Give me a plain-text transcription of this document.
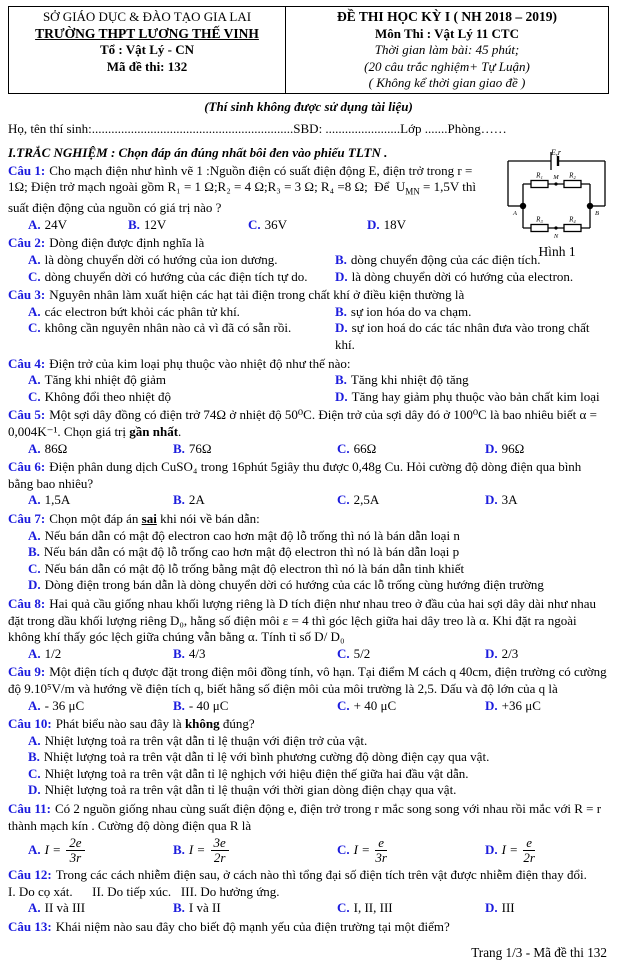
SỞ GIÁO DỤC & ĐÀO TẠO GIA LAI
TRƯỜNG THPT LƯƠNG THẾ VINH
Tổ : Vật Lý - CN
Mã đề thi: 132
ĐỀ THI HỌC KỲ I ( NH 2018 – 2019)
Môn Thi : Vật Lý 11 CTC
Thời gian làm bài: 45 phút;
(20 câu trắc nghiệm+ Tự Luận)
( Không kể thời gian giao đề )
(Thí sinh không được sử dụng tài liệu)
Họ, tên thí sinh:..............................................................SBD: .......................Lớp .......Phòng……
E,r
R₁	R₂
M
R₃	R₄
N
A	B
Hình 1
I.TRẮC NGHIỆM : Chọn đáp án đúng nhất bôi đen vào phiếu TLTN .

Câu 1: Cho mạch điện như hình vẽ 1 :Nguồn điện có suất điện động E, điện trở trong r = 1Ω; Điện trở mạch ngoài gồm R₁ = 1 Ω;R₂ = 4 Ω;R₃ = 3 Ω; R₄ =8 Ω;  Để  $U_{MN} = 1,5V$ thì suất điện động của nguồn có giá trị nào ?

A. 24V	B. 12V	C. 36V	D. 18V

Câu 2: Dòng điện được định nghĩa là

A. là dòng chuyển dời có hướng của ion dương.	B. dòng chuyển động của các điện tích.
C. dòng chuyển dời có hướng của các điện tích tự do.	D. là dòng chuyển dời có hướng của electron.

Câu 3: Nguyên nhân làm xuất hiện các hạt tải điện trong chất khí ở điều kiện thường là

A. các electron bứt khỏi các phân tử khí.	B. sự ion hóa do va chạm.
C. không cần nguyên nhân nào cả vì đã có sẵn rồi.	D. sự ion hoá do các tác nhân đưa vào trong chất khí.

Câu 4: Điện trở của kim loại phụ thuộc vào nhiệt độ như thế nào:

A. Tăng khi nhiệt độ giảm	B. Tăng khi nhiệt độ tăng
C. Không đổi theo nhiệt độ	D. Tăng hay giảm phụ thuộc vào bản chất kim loại

Câu 5: Một sợi dây đồng có điện trở 74Ω ở nhiệt độ 50⁰C. Điện trở của sợi dây đó ở 100⁰C là bao nhiêu biết α = 0,004K⁻¹. Chọn giá trị gần nhất.

A. 86Ω	B. 76Ω	C. 66Ω	D. 96Ω

Câu 6: Điện phân dung dịch CuSO₄ trong 16phút 5giây thu được 0,48g Cu. Hỏi cường độ dòng điện qua bình bằng bao nhiêu?

A. 1,5A	B. 2A	C. 2,5A	D. 3A

Câu 7: Chọn một đáp án sai khi nói về bán dẫn:

A. Nếu bán dẫn có mật độ electron cao hơn mật độ lỗ trống thì nó là bán dẫn loại n
B. Nếu bán dẫn có mật độ lỗ trống cao hơn mật độ electron thì nó là bán dẫn loại p
C. Nếu bán dẫn có mật độ lỗ trống bằng mật độ electron thì nó là bán dẫn tinh khiết
D. Dòng điện trong bán dẫn là dòng chuyển dời có hướng của các lỗ trống cùng hướng điện trường

Câu 8: Hai quả cầu giống nhau khối lượng riêng là D tích điện như nhau treo ở đầu của hai sợi dây dài như nhau đặt trong dầu khối lượng riêng D₀, hằng số điện môi ε = 4 thì góc lệch giữa hai dây treo là α. Khi đặt ra ngoài không khí thấy góc lệch giữa chúng vẫn bằng α. Tính tỉ số D/ D₀

A. 1/2	B. 4/3	C. 5/2	D. 2/3

Câu 9: Một điện tích q được đặt trong điện môi đồng tính, vô hạn. Tại điểm M cách q 40cm, điện trường có cường độ 9.10⁵V/m và hướng về điện tích q, biết hằng số điện môi của môi trường là 2,5. Dấu và độ lớn của q là

A. - 36 μC	B. - 40 μC	C. + 40 μC	D. +36 μC

Câu 10: Phát biểu nào sau đây là không đúng?

A. Nhiệt lượng toả ra trên vật dẫn tỉ lệ thuận với điện trở của vật.
B. Nhiệt lượng toả ra trên vật dẫn tỉ lệ với bình phương cường độ dòng điện cạy qua vật.
C. Nhiệt lượng toả ra trên vật dẫn tỉ lệ nghịch với hiệu điện thế giữa hai đầu vật dẫn.
D. Nhiệt lượng toả ra trên vật dẫn tỉ lệ thuận với thời gian dòng điện chạy qua vật.

Câu 11: Có 2 nguồn giống nhau cùng suất điện động e, điện trở trong r mắc song song với nhau rồi mắc với R = r thành mạch kín . Cường độ dòng điện qua R là

A. $I = \frac{2e}{3r}$	B. $I = \frac{3e}{2r}$	C. $I = \frac{e}{3r}$	D. $I = \frac{e}{2r}$

Câu 12: Trong các cách nhiễm điện sau, ở cách nào thì tổng đại số điện tích trên vật được nhiễm điện thay đổi.

I. Do cọ xát.      II. Do tiếp xúc.   III. Do hưởng ứng.

A. II và III	B. I và II	C. I, II, III	D. III

Câu 13: Khái niệm nào sau đây cho biết độ mạnh yếu của điện trường tại một điểm?

Trang 1/3 - Mã đề thi 132
